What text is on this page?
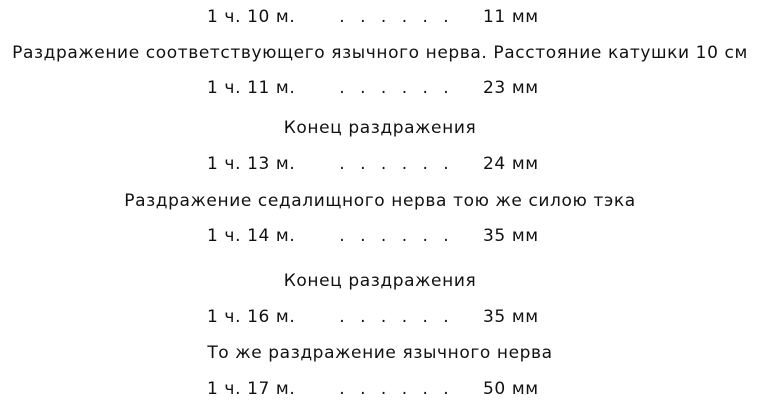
1 ч. 10 м.	. . . . . .	11 мм
Раздражение соответствующего язычного нерва. Расстояние катушки 10 см
1 ч. 11 м.	. . . . . .	23 мм
Конец раздражения
1 ч. 13 м.	. . . . . .	24 мм
Раздражение седалищного нерва тою же силою тэка
1 ч. 14 м.	. . . . . .	35 мм
Конец раздражения
1 ч. 16 м.	. . . . . .	35 мм
То же раздражение язычного нерва
1 ч. 17 м.	. . . . . .	50 мм
